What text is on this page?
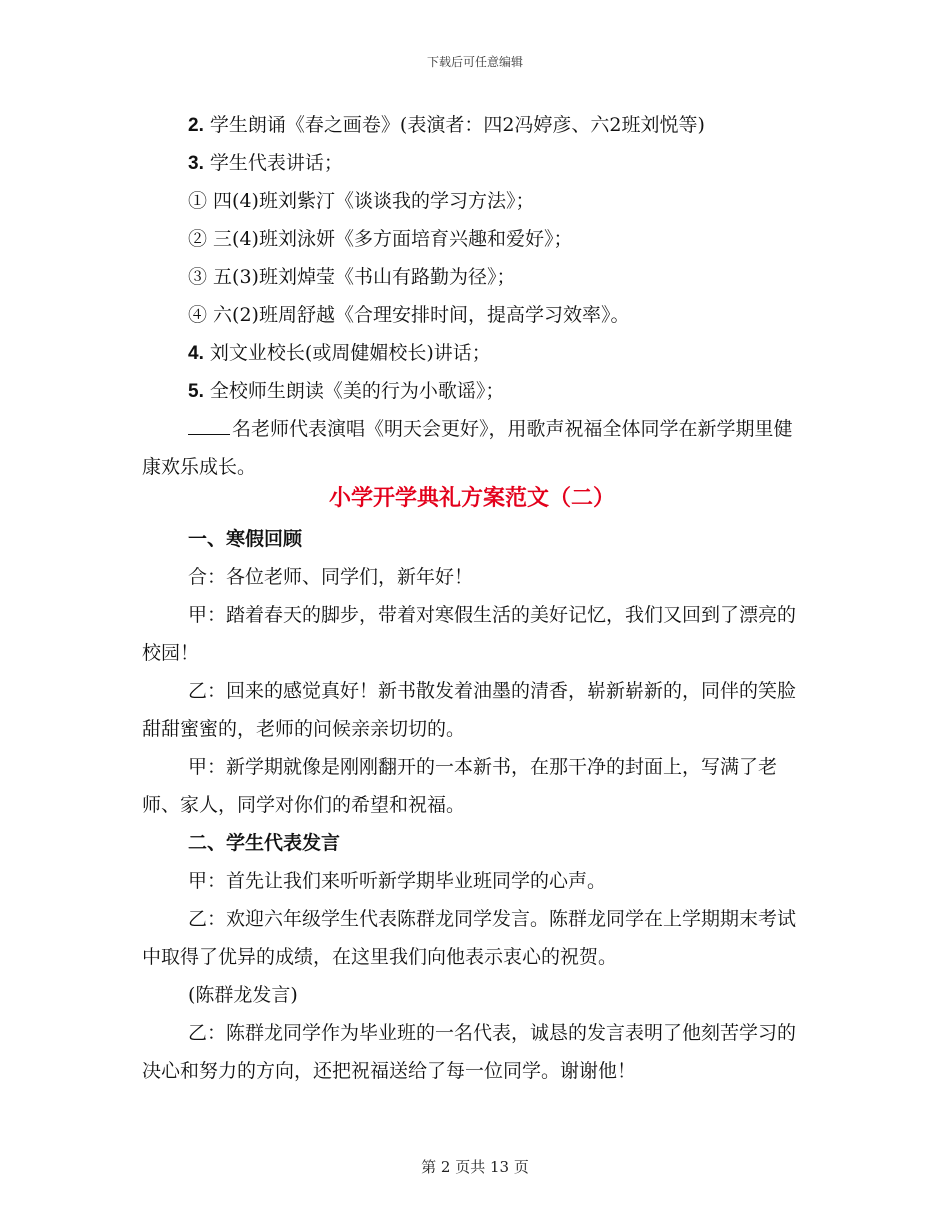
下载后可任意编辑
2. 学生朗诵《春之画卷》(表演者：四2冯婷彦、六2班刘悦等)
3. 学生代表讲话；
① 四(4)班刘紫汀《谈谈我的学习方法》；
② 三(4)班刘泳妍《多方面培育兴趣和爱好》；
③ 五(3)班刘焯莹《书山有路勤为径》；
④ 六(2)班周舒越《合理安排时间，提高学习效率》。
4. 刘文业校长(或周健媚校长)讲话；
5. 全校师生朗读《美的行为小歌谣》；
名老师代表演唱《明天会更好》，用歌声祝福全体同学在新学期里健康欢乐成长。
小学开学典礼方案范文（二）
一、寒假回顾
合：各位老师、同学们，新年好！
甲：踏着春天的脚步，带着对寒假生活的美好记忆，我们又回到了漂亮的校园！
乙：回来的感觉真好！新书散发着油墨的清香，崭新崭新的，同伴的笑脸甜甜蜜蜜的，老师的问候亲亲切切的。
甲：新学期就像是刚刚翻开的一本新书，在那干净的封面上，写满了老师、家人，同学对你们的希望和祝福。
二、学生代表发言
甲：首先让我们来听听新学期毕业班同学的心声。
乙：欢迎六年级学生代表陈群龙同学发言。陈群龙同学在上学期期末考试中取得了优异的成绩，在这里我们向他表示衷心的祝贺。
(陈群龙发言)
乙：陈群龙同学作为毕业班的一名代表，诚恳的发言表明了他刻苦学习的决心和努力的方向，还把祝福送给了每一位同学。谢谢他！
第 2 页共 13 页
